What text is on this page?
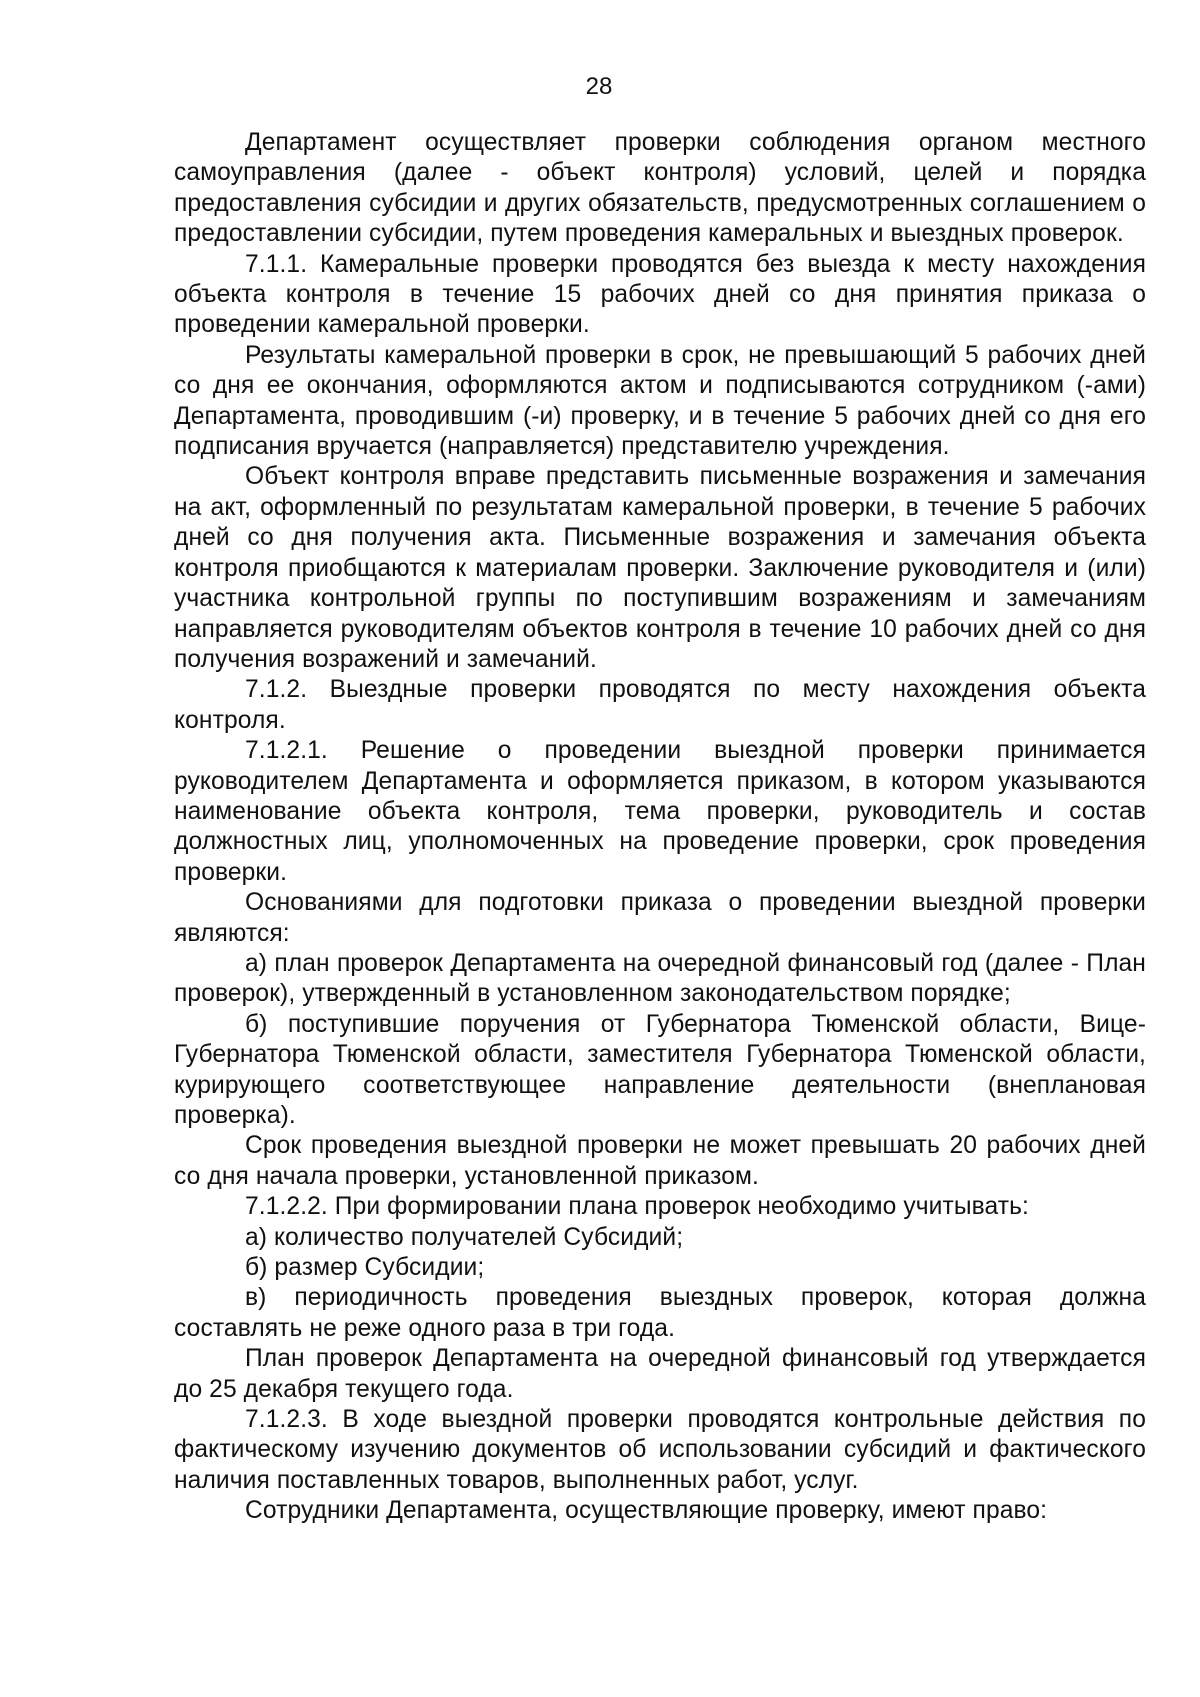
28

Департамент осуществляет проверки соблюдения органом местного самоуправления (далее - объект контроля) условий, целей и порядка предоставления субсидии и других обязательств, предусмотренных соглашением о предоставлении субсидии, путем проведения камеральных и выездных проверок.

7.1.1. Камеральные проверки проводятся без выезда к месту нахождения объекта контроля в течение 15 рабочих дней со дня принятия приказа о проведении камеральной проверки.

Результаты камеральной проверки в срок, не превышающий 5 рабочих дней со дня ее окончания, оформляются актом и подписываются сотрудником (-ами) Департамента, проводившим (-и) проверку, и в течение 5 рабочих дней со дня его подписания вручается (направляется) представителю учреждения.

Объект контроля вправе представить письменные возражения и замечания на акт, оформленный по результатам камеральной проверки, в течение 5 рабочих дней со дня получения акта. Письменные возражения и замечания объекта контроля приобщаются к материалам проверки. Заключение руководителя и (или) участника контрольной группы по поступившим возражениям и замечаниям направляется руководителям объектов контроля в течение 10 рабочих дней со дня получения возражений и замечаний.

7.1.2. Выездные проверки проводятся по месту нахождения объекта контроля.

7.1.2.1. Решение о проведении выездной проверки принимается руководителем Департамента и оформляется приказом, в котором указываются наименование объекта контроля, тема проверки, руководитель и состав должностных лиц, уполномоченных на проведение проверки, срок проведения проверки.

Основаниями для подготовки приказа о проведении выездной проверки являются:

а) план проверок Департамента на очередной финансовый год (далее - План проверок), утвержденный в установленном законодательством порядке;

б) поступившие поручения от Губернатора Тюменской области, Вице-Губернатора Тюменской области, заместителя Губернатора Тюменской области, курирующего соответствующее направление деятельности (внеплановая проверка).

Срок проведения выездной проверки не может превышать 20 рабочих дней со дня начала проверки, установленной приказом.

7.1.2.2. При формировании плана проверок необходимо учитывать:

а) количество получателей Субсидий;

б) размер Субсидии;

в) периодичность проведения выездных проверок, которая должна составлять не реже одного раза в три года.

План проверок Департамента на очередной финансовый год утверждается до 25 декабря текущего года.

7.1.2.3. В ходе выездной проверки проводятся контрольные действия по фактическому изучению документов об использовании субсидий и фактического наличия поставленных товаров, выполненных работ, услуг.

Сотрудники Департамента, осуществляющие проверку, имеют право:
